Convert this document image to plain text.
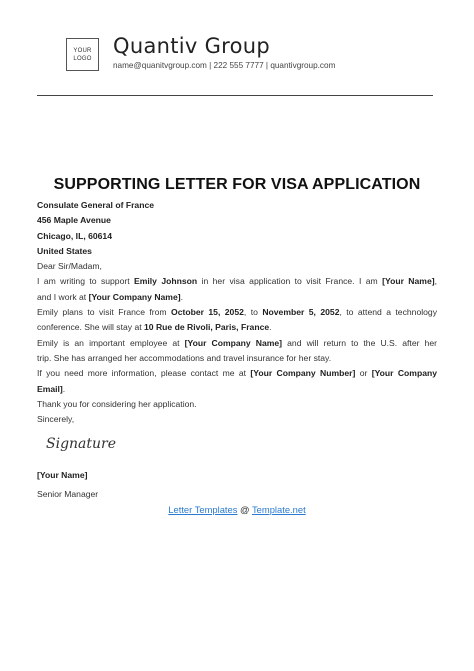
YOUR
LOGO
Quantiv Group
name@quanitvgroup.com | 222 555 7777 | quantivgroup.com
SUPPORTING LETTER FOR VISA APPLICATION

Consulate General of France

456 Maple Avenue

Chicago, IL, 60614

United States

Dear Sir/Madam,

I am writing to support Emily Johnson in her visa application to visit France. I am [Your Name],

and I work at [Your Company Name].

Emily plans to visit France from October 15, 2052, to November 5, 2052, to attend a technology

conference. She will stay at 10 Rue de Rivoli, Paris, France.

Emily is an important employee at [Your Company Name] and will return to the U.S. after her

trip. She has arranged her accommodations and travel insurance for her stay.

If you need more information, please contact me at [Your Company Number] or [Your Company

Email].

Thank you for considering her application.

Sincerely,

Signature
[Your Name]
Senior Manager
Letter Templates @ Template.net
